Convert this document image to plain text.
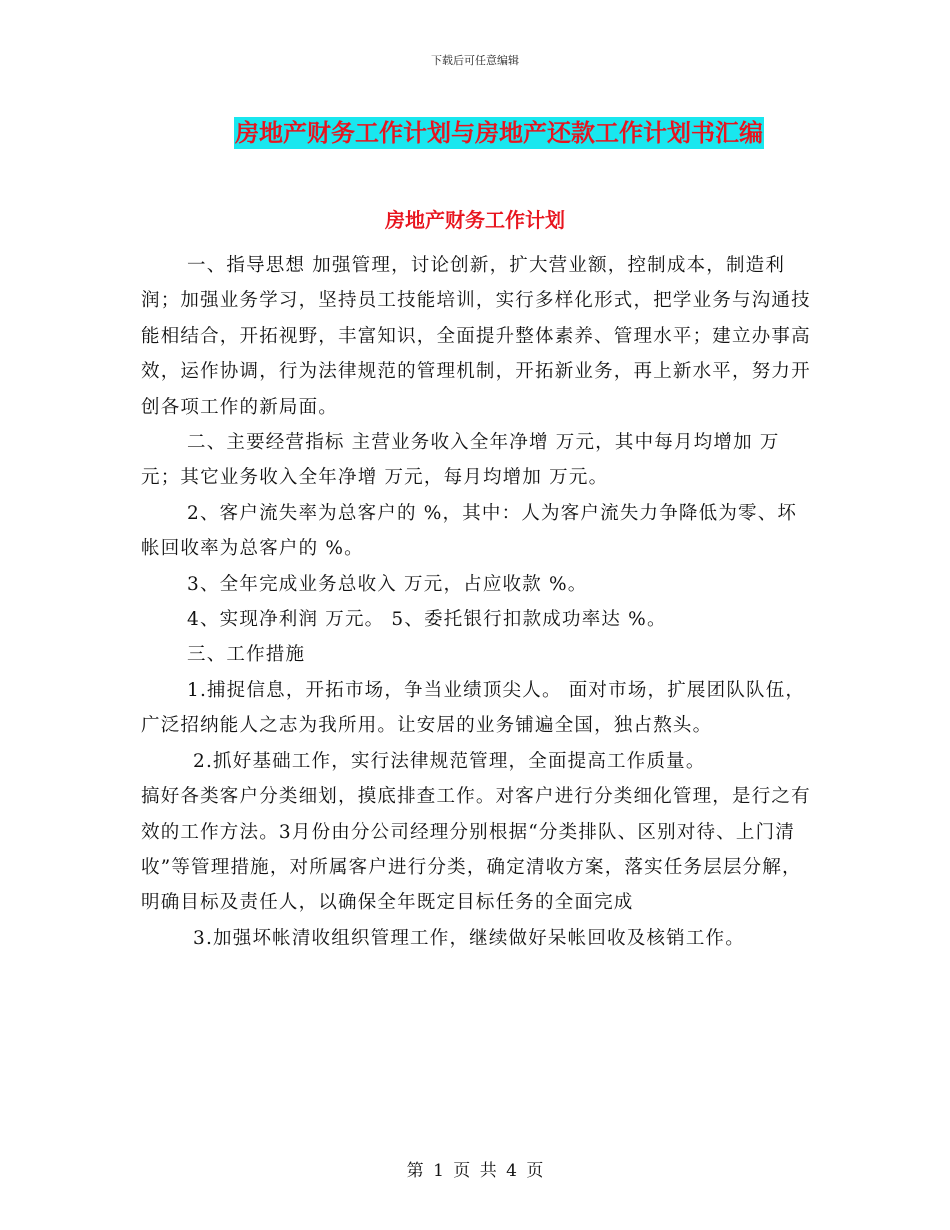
下载后可任意编辑
房地产财务工作计划与房地产还款工作计划书汇编
房地产财务工作计划

一、指导思想 加强管理，讨论创新，扩大营业额，控制成本，制造利润；加强业务学习，坚持员工技能培训，实行多样化形式，把学业务与沟通技能相结合，开拓视野，丰富知识，全面提升整体素养、管理水平；建立办事高效，运作协调，行为法律规范的管理机制，开拓新业务，再上新水平，努力开创各项工作的新局面。

二、主要经营指标 主营业务收入全年净增 万元，其中每月均增加 万元；其它业务收入全年净增 万元，每月均增加 万元。

2、客户流失率为总客户的 %，其中：人为客户流失力争降低为零、坏帐回收率为总客户的 %。

3、全年完成业务总收入 万元，占应收款 %。

4、实现净利润 万元。 5、委托银行扣款成功率达 %。

三、工作措施

1.捕捉信息，开拓市场，争当业绩顶尖人。 面对市场，扩展团队队伍，广泛招纳能人之志为我所用。让安居的业务铺遍全国，独占熬头。

2.抓好基础工作，实行法律规范管理，全面提高工作质量。

搞好各类客户分类细划，摸底排查工作。对客户进行分类细化管理，是行之有效的工作方法。3月份由分公司经理分别根据“分类排队、区别对待、上门清收”等管理措施，对所属客户进行分类，确定清收方案，落实任务层层分解，明确目标及责任人，以确保全年既定目标任务的全面完成

3.加强坏帐清收组织管理工作，继续做好呆帐回收及核销工作。

第 1 页 共 4 页
